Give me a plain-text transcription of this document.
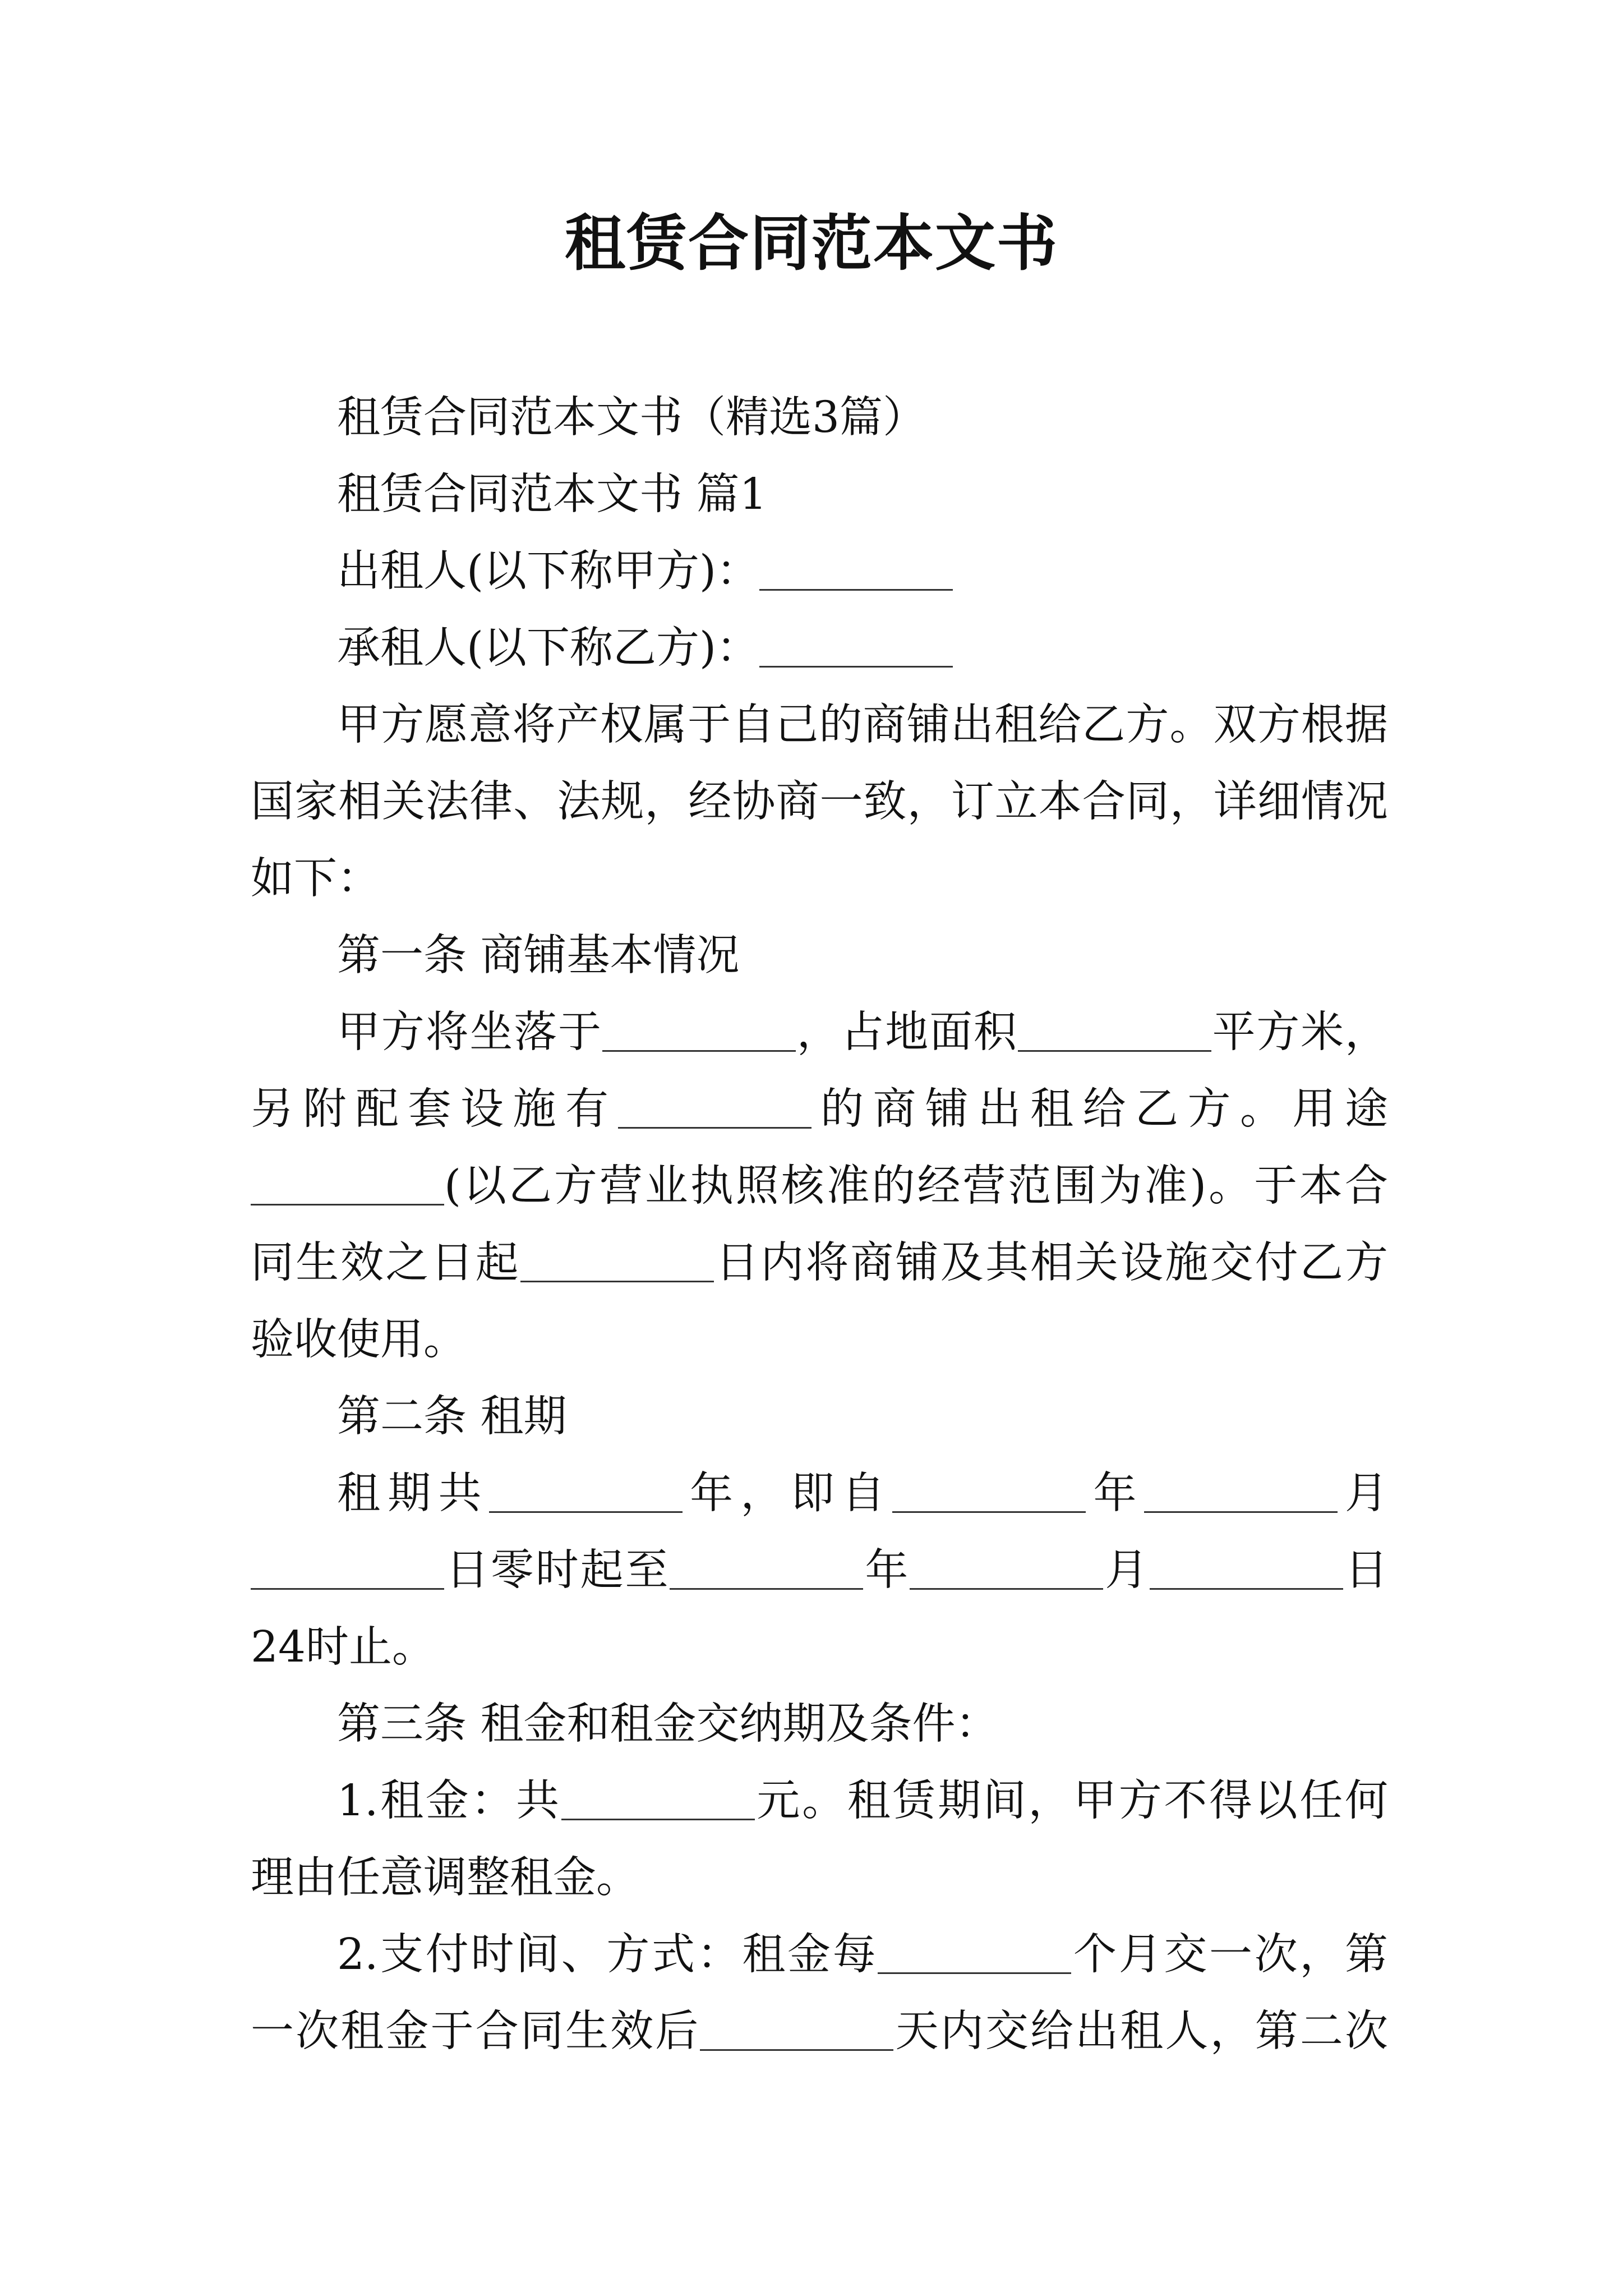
租赁合同范本文书
租赁合同范本文书（精选3篇）
租赁合同范本文书 篇1
出租人(以下称甲方)：
承租人(以下称乙方)：
甲方愿意将产权属于自己的商铺出租给乙方。双方根据
国家相关法律、法规，经协商一致，订立本合同，详细情况
如下：
第一条 商铺基本情况
甲方将坐落于	，占地面积	平方米，
另附配套设施有	的商铺出租给乙方。用途
(以乙方营业执照核准的经营范围为准)。于本合
同生效之日起	日内将商铺及其相关设施交付乙方
验收使用。
第二条 租期
租期共	年，即自	年	月
日零时起至	年	月	日
24时止。
第三条 租金和租金交纳期及条件：
1.租金：共	元。租赁期间，甲方不得以任何
理由任意调整租金。
2.支付时间、方式：租金每	个月交一次，第
一次租金于合同生效后	天内交给出租人，第二次
